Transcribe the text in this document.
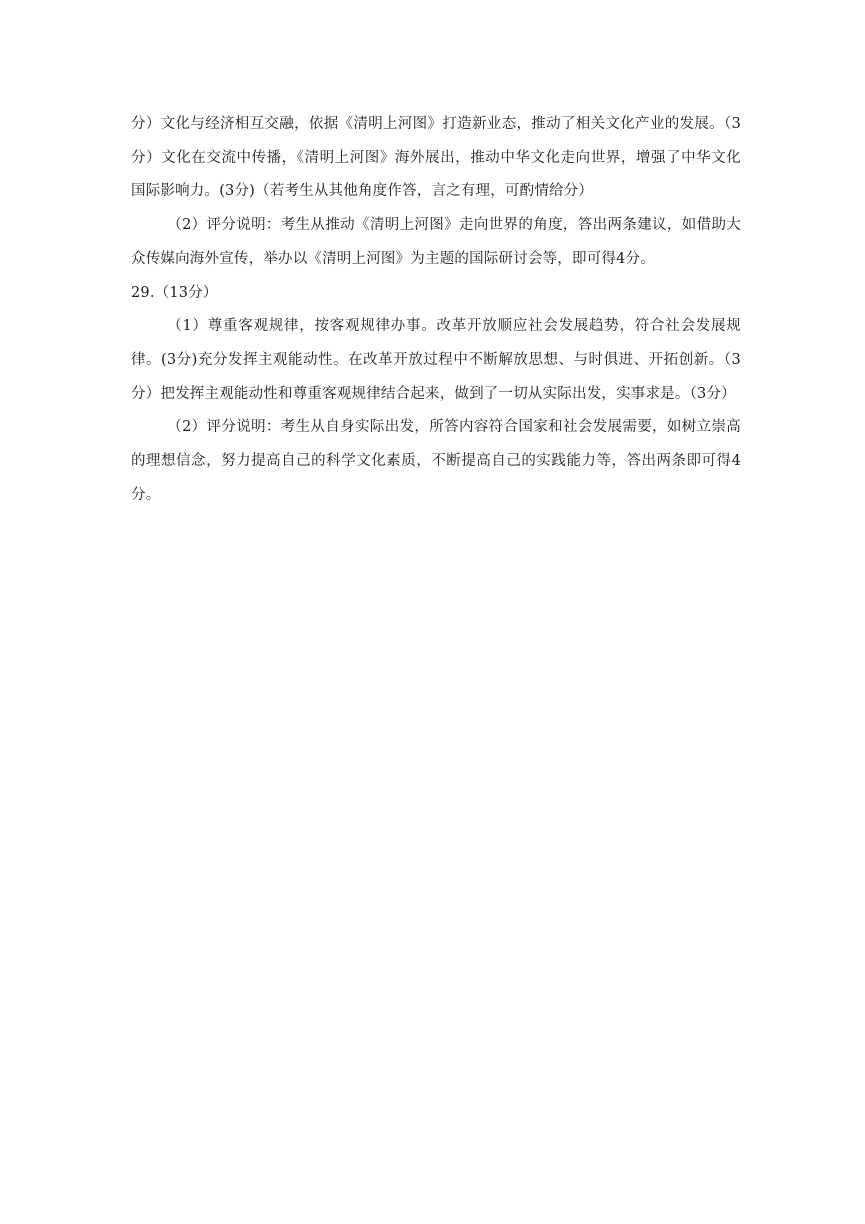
分）文化与经济相互交融，依据《清明上河图》打造新业态，推动了相关文化产业的发展。（3分）文化在交流中传播，《清明上河图》海外展出，推动中华文化走向世界，增强了中华文化国际影响力。(3分)（若考生从其他角度作答，言之有理，可酌情给分）

（2）评分说明：考生从推动《清明上河图》走向世界的角度，答出两条建议，如借助大众传媒向海外宣传，举办以《清明上河图》为主题的国际研讨会等，即可得4分。

29.（13分）

（1）尊重客观规律，按客观规律办事。改革开放顺应社会发展趋势，符合社会发展规律。(3分)充分发挥主观能动性。在改革开放过程中不断解放思想、与时俱进、开拓创新。（3分）把发挥主观能动性和尊重客观规律结合起来，做到了一切从实际出发，实事求是。（3分）

（2）评分说明：考生从自身实际出发，所答内容符合国家和社会发展需要，如树立崇高的理想信念，努力提高自己的科学文化素质，不断提高自己的实践能力等，答出两条即可得4分。
